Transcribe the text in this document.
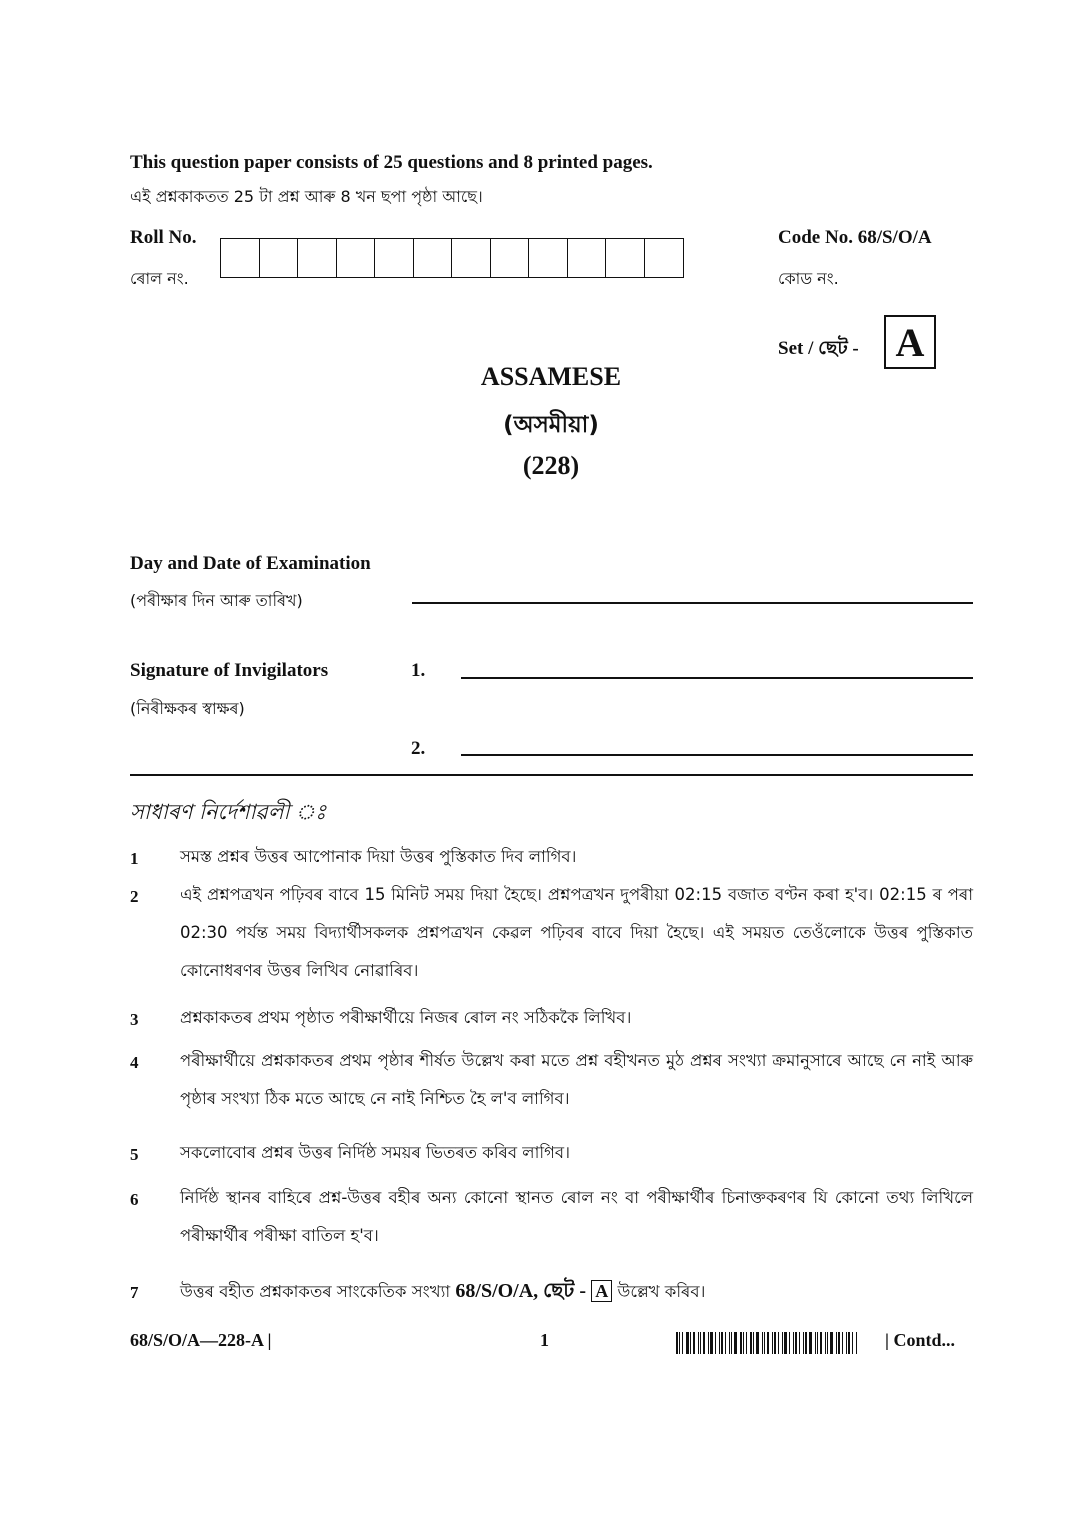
This question paper consists of 25 questions and 8 printed pages.
এই প্ৰশ্নকাকতত 25 টা প্ৰশ্ন আৰু 8 খন ছপা পৃষ্ঠা আছে।
Roll No.
ৰোল নং.
Code No. 68/S/O/A
কোড নং.
Set / ছেট - A
ASSAMESE
(অসমীয়া)
(228)
Day and Date of Examination
(পৰীক্ষাৰ দিন আৰু তাৰিখ)
Signature of Invigilators
(নিৰীক্ষকৰ স্বাক্ষৰ)
1.
2.
সাধাৰণ নিৰ্দেশাৱলী ঃ
1	সমস্ত প্ৰশ্নৰ উত্তৰ আপোনাক দিয়া উত্তৰ পুস্তিকাত দিব লাগিব।
2	এই প্ৰশ্নপত্ৰখন পঢ়িবৰ বাবে 15 মিনিট সময় দিয়া হৈছে। প্ৰশ্নপত্ৰখন দুপৰীয়া 02:15 বজাত বণ্টন কৰা হ'ব। 02:15 ৰ পৰা 02:30 পৰ্যন্ত সময় বিদ্যাৰ্থীসকলক প্ৰশ্নপত্ৰখন কেৱল পঢ়িবৰ বাবে দিয়া হৈছে। এই সময়ত তেওঁলোকে উত্তৰ পুস্তিকাত কোনোধৰণৰ উত্তৰ লিখিব নোৱাৰিব।
3	প্ৰশ্নকাকতৰ প্ৰথম পৃষ্ঠাত পৰীক্ষাৰ্থীয়ে নিজৰ ৰোল নং সঠিককৈ লিখিব।
4	পৰীক্ষাৰ্থীয়ে প্ৰশ্নকাকতৰ প্ৰথম পৃষ্ঠাৰ শীৰ্ষত উল্লেখ কৰা মতে প্ৰশ্ন বহীখনত মুঠ প্ৰশ্নৰ সংখ্যা ক্ৰমানুসাৰে আছে নে নাই আৰু পৃষ্ঠাৰ সংখ্যা ঠিক মতে আছে নে নাই নিশ্চিত হৈ ল'ব লাগিব।
5	সকলোবোৰ প্ৰশ্নৰ উত্তৰ নিৰ্দিষ্ঠ সময়ৰ ভিতৰত কৰিব লাগিব।
6	নিৰ্দিষ্ঠ স্থানৰ বাহিৰে প্ৰশ্ন-উত্তৰ বহীৰ অন্য কোনো স্থানত ৰোল নং বা পৰীক্ষাৰ্থীৰ চিনাক্তকৰণৰ যি কোনো তথ্য লিখিলে পৰীক্ষাৰ্থীৰ পৰীক্ষা বাতিল হ'ব।
7	উত্তৰ বহীত প্ৰশ্নকাকতৰ সাংকেতিক সংখ্যা 68/S/O/A, ছেট - A উল্লেখ কৰিব।
68/S/O/A—228-A |	1	| Contd...
